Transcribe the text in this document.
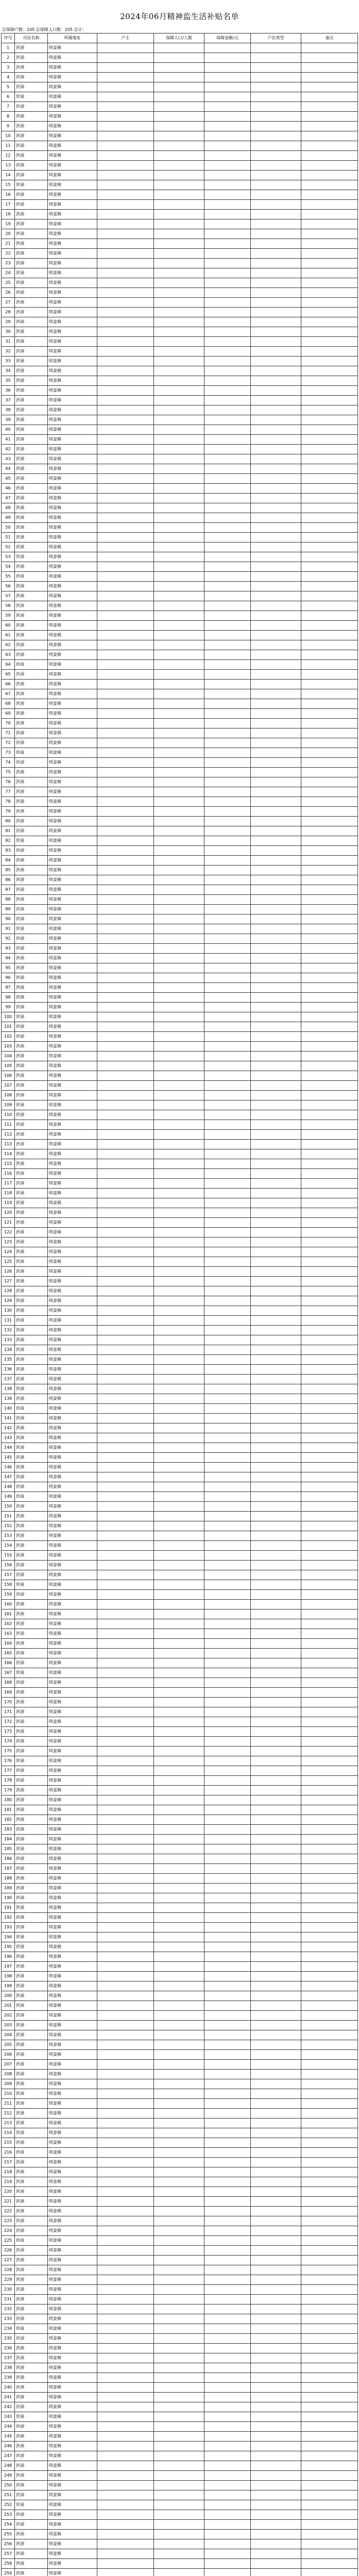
2024年06月精神监生活补贴名单
总保障户数：105 总保障人口数：105 总计：
序号	司法名称	所属地址	户主	保障人口/人数	保障金额/元	户位类型	备注
1	洪洞	明姜镇					
2	洪洞	明姜镇					
3	洪洞	明姜镇					
4	洪洞	明姜镇					
5	洪洞	明姜镇					
6	洪洞	明姜镇					
7	洪洞	明姜镇					
8	洪洞	明姜镇					
9	洪洞	明姜镇					
10	洪洞	明姜镇					
11	洪洞	明姜镇					
12	洪洞	明姜镇					
13	洪洞	明姜镇					
14	洪洞	明姜镇					
15	洪洞	明姜镇					
16	洪洞	明姜镇					
17	洪洞	明姜镇					
18	洪洞	明姜镇					
19	洪洞	明姜镇					
20	洪洞	明姜镇					
21	洪洞	明姜镇					
22	洪洞	明姜镇					
23	洪洞	明姜镇					
24	洪洞	明姜镇					
25	洪洞	明姜镇					
26	洪洞	明姜镇					
27	洪洞	明姜镇					
28	洪洞	明姜镇					
29	洪洞	明姜镇					
30	洪洞	明姜镇					
31	洪洞	明姜镇					
32	洪洞	明姜镇					
33	洪洞	明姜镇					
34	洪洞	明姜镇					
35	洪洞	明姜镇					
36	洪洞	明姜镇					
37	洪洞	明姜镇					
38	洪洞	明姜镇					
39	洪洞	明姜镇					
40	洪洞	明姜镇					
41	洪洞	明姜镇					
42	洪洞	明姜镇					
43	洪洞	明姜镇					
44	洪洞	明姜镇					
45	洪洞	明姜镇					
46	洪洞	明姜镇					
47	洪洞	明姜镇					
48	洪洞	明姜镇					
49	洪洞	明姜镇					
50	洪洞	明姜镇					
51	洪洞	明姜镇					
52	洪洞	明姜镇					
53	洪洞	明姜镇					
54	洪洞	明姜镇					
55	洪洞	明姜镇					
56	洪洞	明姜镇					
57	洪洞	明姜镇					
58	洪洞	明姜镇					
59	洪洞	明姜镇					
60	洪洞	明姜镇					
61	洪洞	明姜镇					
62	洪洞	明姜镇					
63	洪洞	明姜镇					
64	洪洞	明姜镇					
65	洪洞	明姜镇					
66	洪洞	明姜镇					
67	洪洞	明姜镇					
68	洪洞	明姜镇					
69	洪洞	明姜镇					
70	洪洞	明姜镇					
71	洪洞	明姜镇					
72	洪洞	明姜镇					
73	洪洞	明姜镇					
74	洪洞	明姜镇					
75	洪洞	明姜镇					
76	洪洞	明姜镇					
77	洪洞	明姜镇					
78	洪洞	明姜镇					
79	洪洞	明姜镇					
80	洪洞	明姜镇					
81	洪洞	明姜镇					
82	洪洞	明姜镇					
83	洪洞	明姜镇					
84	洪洞	明姜镇					
85	洪洞	明姜镇					
86	洪洞	明姜镇					
87	洪洞	明姜镇					
88	洪洞	明姜镇					
89	洪洞	明姜镇					
90	洪洞	明姜镇					
91	洪洞	明姜镇					
92	洪洞	明姜镇					
93	洪洞	明姜镇					
94	洪洞	明姜镇					
95	洪洞	明姜镇					
96	洪洞	明姜镇					
97	洪洞	明姜镇					
98	洪洞	明姜镇					
99	洪洞	明姜镇					
100	洪洞	明姜镇					
101	洪洞	明姜镇					
102	洪洞	明姜镇					
103	洪洞	明姜镇					
104	洪洞	明姜镇					
105	洪洞	明姜镇					
106	洪洞	明姜镇					
107	洪洞	明姜镇					
108	洪洞	明姜镇					
109	洪洞	明姜镇					
110	洪洞	明姜镇					
111	洪洞	明姜镇					
112	洪洞	明姜镇					
113	洪洞	明姜镇					
114	洪洞	明姜镇					
115	洪洞	明姜镇					
116	洪洞	明姜镇					
117	洪洞	明姜镇					
118	洪洞	明姜镇					
119	洪洞	明姜镇					
120	洪洞	明姜镇					
121	洪洞	明姜镇					
122	洪洞	明姜镇					
123	洪洞	明姜镇					
124	洪洞	明姜镇					
125	洪洞	明姜镇					
126	洪洞	明姜镇					
127	洪洞	明姜镇					
128	洪洞	明姜镇					
129	洪洞	明姜镇					
130	洪洞	明姜镇					
131	洪洞	明姜镇					
132	洪洞	明姜镇					
133	洪洞	明姜镇					
134	洪洞	明姜镇					
135	洪洞	明姜镇					
136	洪洞	明姜镇					
137	洪洞	明姜镇					
138	洪洞	明姜镇					
139	洪洞	明姜镇					
140	洪洞	明姜镇					
141	洪洞	明姜镇					
142	洪洞	明姜镇					
143	洪洞	明姜镇					
144	洪洞	明姜镇					
145	洪洞	明姜镇					
146	洪洞	明姜镇					
147	洪洞	明姜镇					
148	洪洞	明姜镇					
149	洪洞	明姜镇					
150	洪洞	明姜镇					
151	洪洞	明姜镇					
152	洪洞	明姜镇					
153	洪洞	明姜镇					
154	洪洞	明姜镇					
155	洪洞	明姜镇					
156	洪洞	明姜镇					
157	洪洞	明姜镇					
158	洪洞	明姜镇					
159	洪洞	明姜镇					
160	洪洞	明姜镇					
161	洪洞	明姜镇					
162	洪洞	明姜镇					
163	洪洞	明姜镇					
164	洪洞	明姜镇					
165	洪洞	明姜镇					
166	洪洞	明姜镇					
167	洪洞	明姜镇					
168	洪洞	明姜镇					
169	洪洞	明姜镇					
170	洪洞	明姜镇					
171	洪洞	明姜镇					
172	洪洞	明姜镇					
173	洪洞	明姜镇					
174	洪洞	明姜镇					
175	洪洞	明姜镇					
176	洪洞	明姜镇					
177	洪洞	明姜镇					
178	洪洞	明姜镇					
179	洪洞	明姜镇					
180	洪洞	明姜镇					
181	洪洞	明姜镇					
182	洪洞	明姜镇					
183	洪洞	明姜镇					
184	洪洞	明姜镇					
185	洪洞	明姜镇					
186	洪洞	明姜镇					
187	洪洞	明姜镇					
188	洪洞	明姜镇					
189	洪洞	明姜镇					
190	洪洞	明姜镇					
191	洪洞	明姜镇					
192	洪洞	明姜镇					
193	洪洞	明姜镇					
194	洪洞	明姜镇					
195	洪洞	明姜镇					
196	洪洞	明姜镇					
197	洪洞	明姜镇					
198	洪洞	明姜镇					
199	洪洞	明姜镇					
200	洪洞	明姜镇					
201	洪洞	明姜镇					
202	洪洞	明姜镇					
203	洪洞	明姜镇					
204	洪洞	明姜镇					
205	洪洞	明姜镇					
206	洪洞	明姜镇					
207	洪洞	明姜镇					
208	洪洞	明姜镇					
209	洪洞	明姜镇					
210	洪洞	明姜镇					
211	洪洞	明姜镇					
212	洪洞	明姜镇					
213	洪洞	明姜镇					
214	洪洞	明姜镇					
215	洪洞	明姜镇					
216	洪洞	明姜镇					
217	洪洞	明姜镇					
218	洪洞	明姜镇					
219	洪洞	明姜镇					
220	洪洞	明姜镇					
221	洪洞	明姜镇					
222	洪洞	明姜镇					
223	洪洞	明姜镇					
224	洪洞	明姜镇					
225	洪洞	明姜镇					
226	洪洞	明姜镇					
227	洪洞	明姜镇					
228	洪洞	明姜镇					
229	洪洞	明姜镇					
230	洪洞	明姜镇					
231	洪洞	明姜镇					
232	洪洞	明姜镇					
233	洪洞	明姜镇					
234	洪洞	明姜镇					
235	洪洞	明姜镇					
236	洪洞	明姜镇					
237	洪洞	明姜镇					
238	洪洞	明姜镇					
239	洪洞	明姜镇					
240	洪洞	明姜镇					
241	洪洞	明姜镇					
242	洪洞	明姜镇					
243	洪洞	明姜镇					
244	洪洞	明姜镇					
245	洪洞	明姜镇					
246	洪洞	明姜镇					
247	洪洞	明姜镇					
248	洪洞	明姜镇					
249	洪洞	明姜镇					
250	洪洞	明姜镇					
251	洪洞	明姜镇					
252	洪洞	明姜镇					
253	洪洞	明姜镇					
254	洪洞	明姜镇					
255	洪洞	明姜镇					
256	洪洞	明姜镇					
257	洪洞	明姜镇					
258	洪洞	明姜镇					
259	洪洞	明姜镇					
